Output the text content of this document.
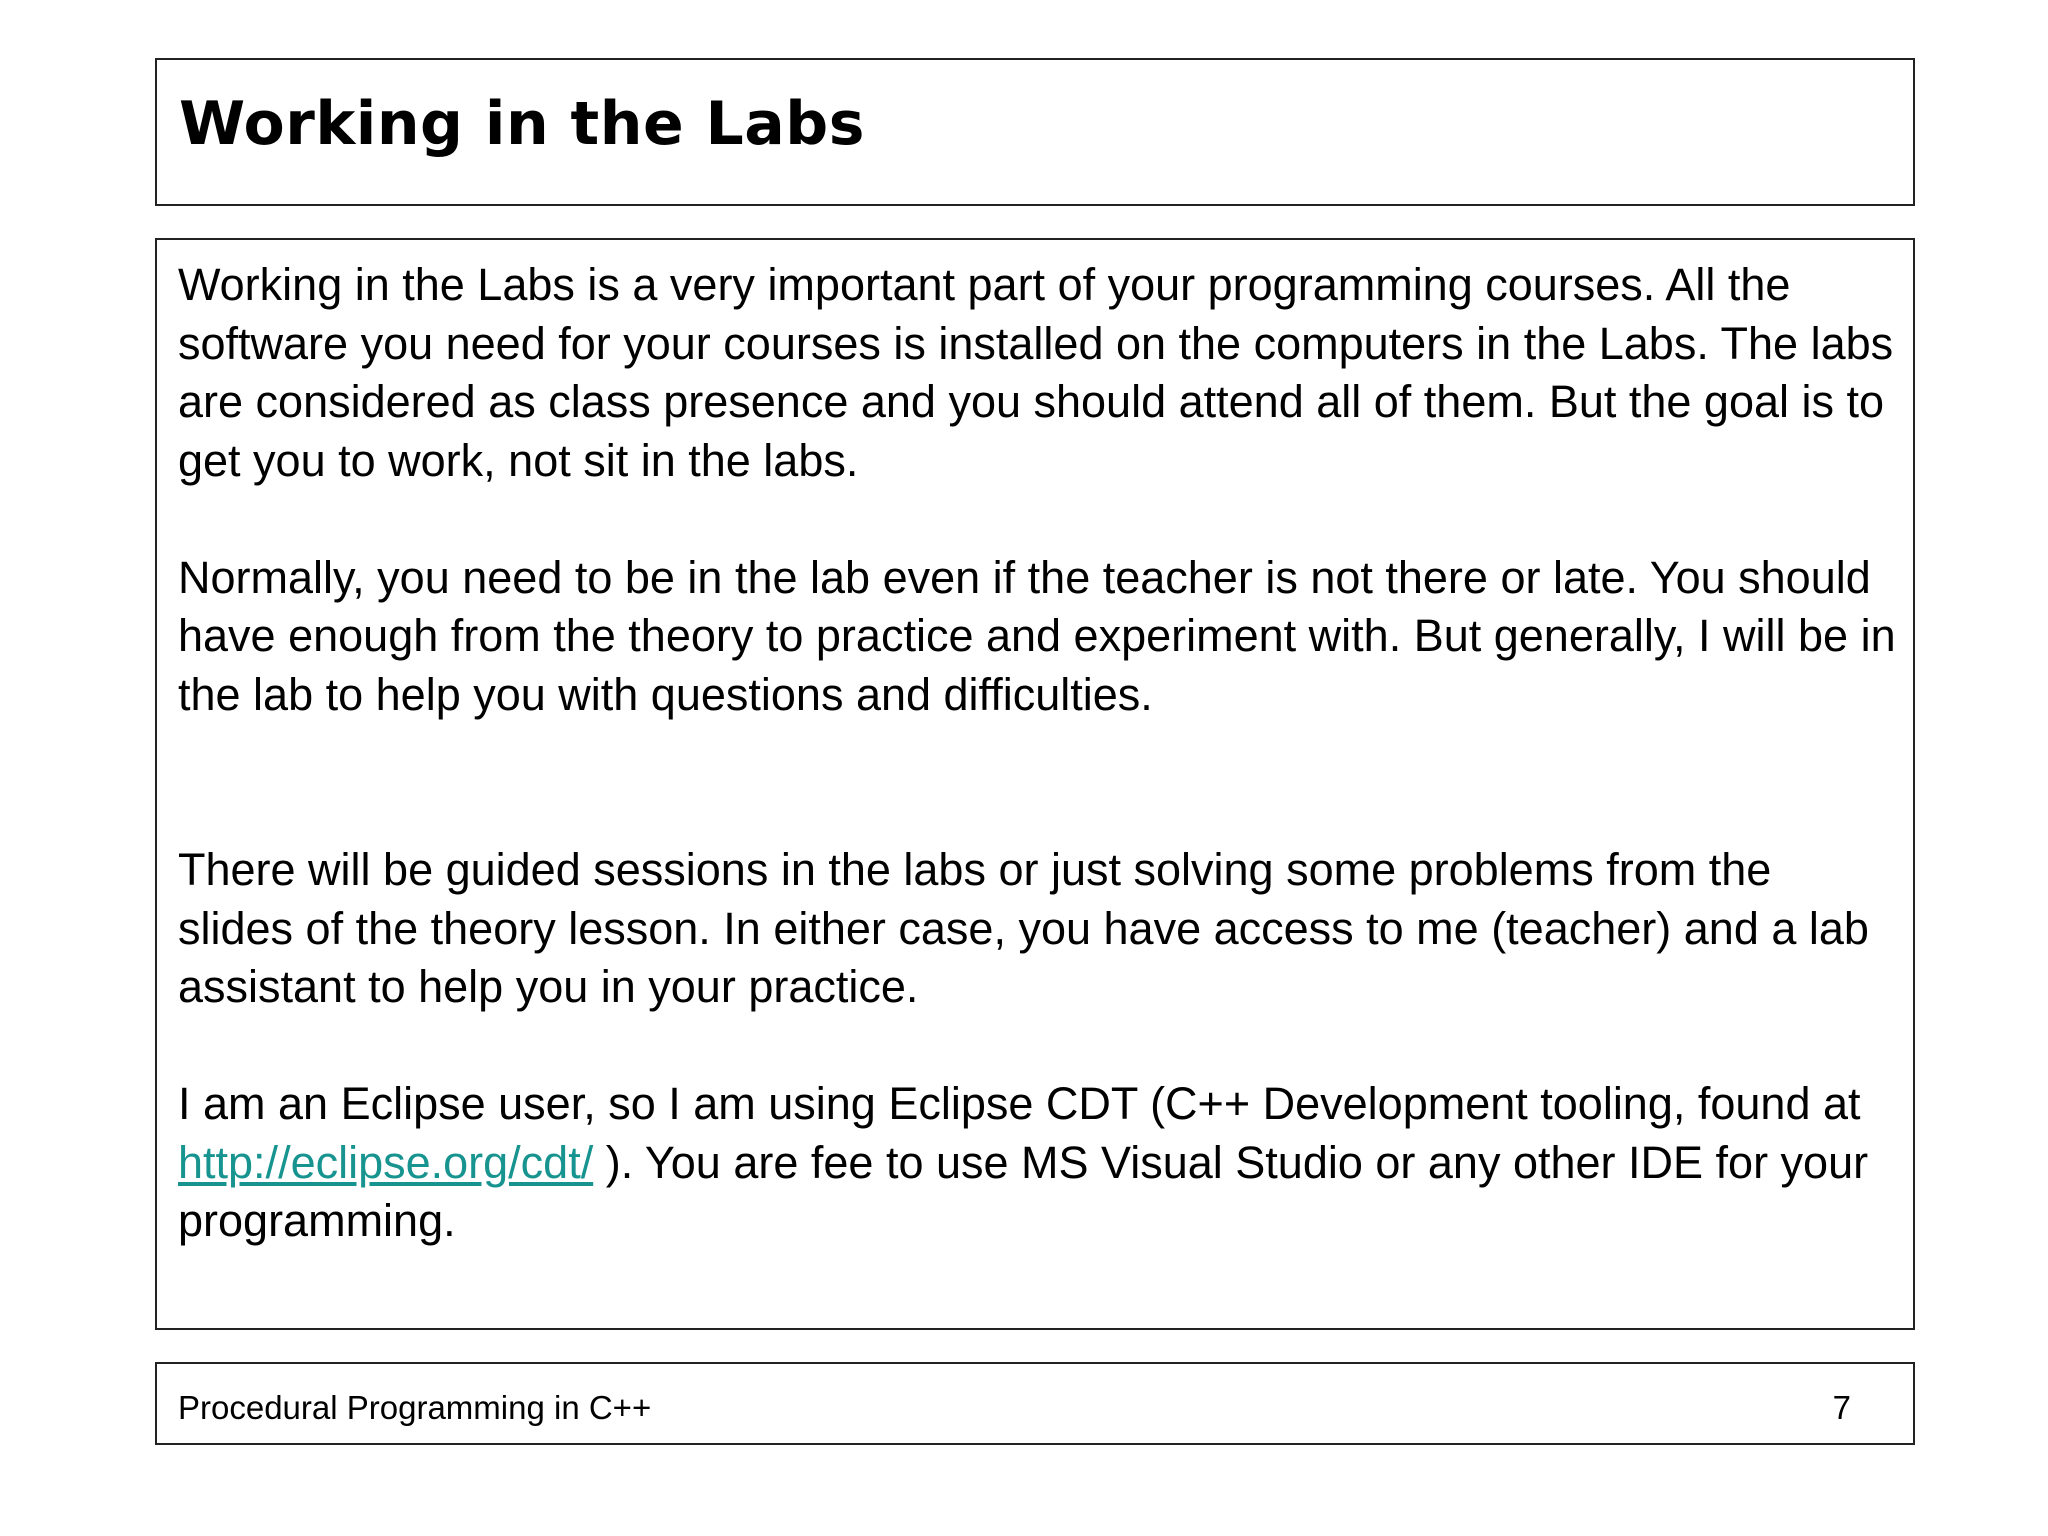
Working in the Labs

Working in the Labs is a very important part of your programming courses. All the software you need for your courses is installed on the computers in the Labs. The labs are considered as class presence and you should attend all of them. But the goal is to get you to work, not sit in the labs.

Normally, you need to be in the lab even if the teacher is not there or late. You should have enough from the theory to practice and experiment with. But generally, I will be in the lab to help you with questions and difficulties.

There will be guided sessions in the labs or just solving some problems from the slides of the theory lesson. In either case, you have access to me (teacher) and a lab assistant to help you in your practice.

I am an Eclipse user, so I am using Eclipse CDT (C++ Development tooling, found at http://eclipse.org/cdt/ ). You are fee to use MS Visual Studio or any other IDE for your programming.

Procedural Programming in C++	7
